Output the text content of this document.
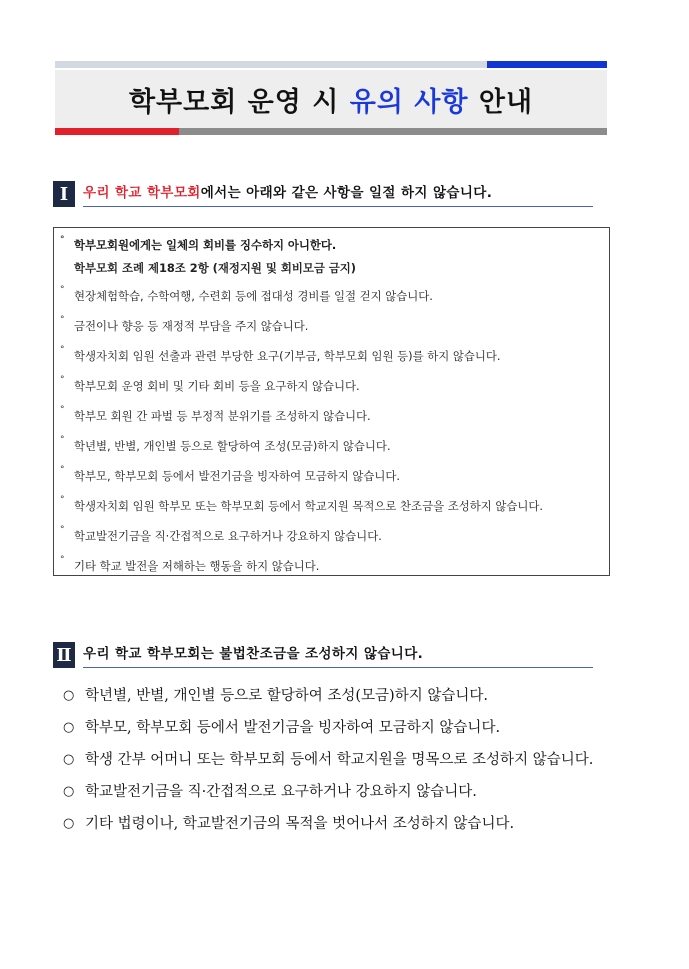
학부모회 운영 시 유의 사항 안내
Ⅰ	우리 학교 학부모회에서는 아래와 같은 사항을 일절 하지 않습니다.
° 학부모회원에게는 일체의 회비를 징수하지 아니한다.
학부모회 조례 제18조 2항 (재정지원 및 회비모금 금지)
° 현장체험학습, 수학여행, 수련회 등에 접대성 경비를 일절 걷지 않습니다.
° 금전이나 향응 등 재정적 부담을 주지 않습니다.
° 학생자치회 임원 선출과 관련 부당한 요구(기부금, 학부모회 임원 등)를 하지 않습니다.
° 학부모회 운영 회비 및 기타 회비 등을 요구하지 않습니다.
° 학부모 회원 간 파벌 등 부정적 분위기를 조성하지 않습니다.
° 학년별, 반별, 개인별 등으로 할당하여 조성(모금)하지 않습니다.
° 학부모, 학부모회 등에서 발전기금을 빙자하여 모금하지 않습니다.
° 학생자치회 임원 학부모 또는 학부모회 등에서 학교지원 목적으로 찬조금을 조성하지 않습니다.
° 학교발전기금을 직·간접적으로 요구하거나 강요하지 않습니다.
° 기타 학교 발전을 저해하는 행동을 하지 않습니다.
Ⅱ 우리 학교 학부모회는 불법찬조금을 조성하지 않습니다.
○ 학년별, 반별, 개인별 등으로 할당하여 조성(모금)하지 않습니다.
○ 학부모, 학부모회 등에서 발전기금을 빙자하여 모금하지 않습니다.
○ 학생 간부 어머니 또는 학부모회 등에서 학교지원을 명목으로 조성하지 않습니다.
○ 학교발전기금을 직·간접적으로 요구하거나 강요하지 않습니다.
○ 기타 법령이나, 학교발전기금의 목적을 벗어나서 조성하지 않습니다.
